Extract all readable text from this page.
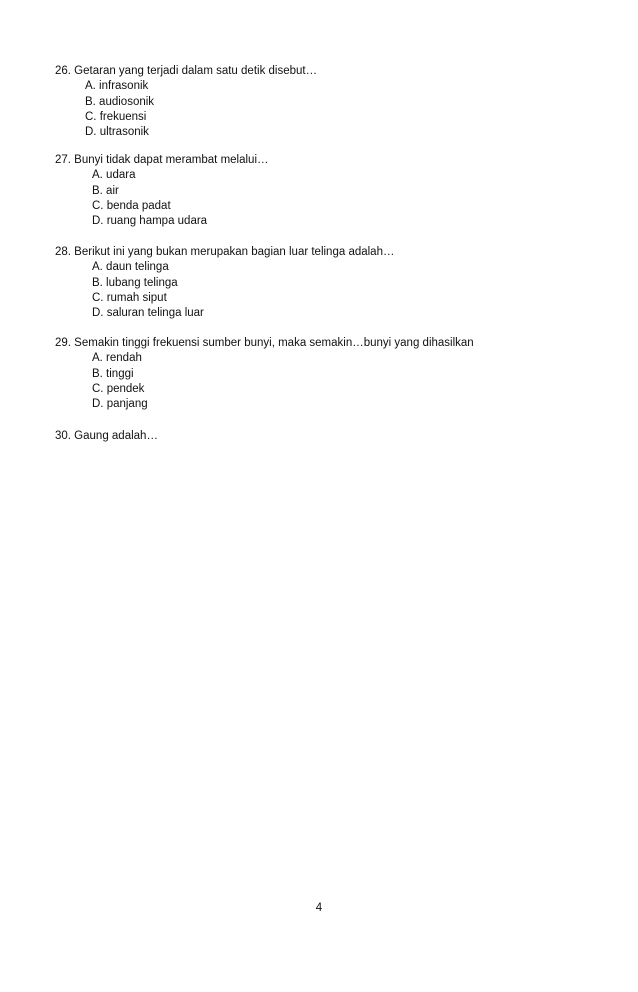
26. Getaran yang terjadi dalam satu detik disebut…
A. infrasonik
B. audiosonik
C. frekuensi
D. ultrasonik
27. Bunyi tidak dapat merambat melalui…
A. udara
B. air
C. benda padat
D. ruang hampa udara
28. Berikut ini yang bukan merupakan bagian luar telinga adalah…
A. daun telinga
B. lubang telinga
C. rumah siput
D. saluran telinga luar
29. Semakin tinggi frekuensi sumber bunyi, maka semakin…bunyi yang dihasilkan
A. rendah
B. tinggi
C. pendek
D. panjang
30. Gaung adalah…
4
